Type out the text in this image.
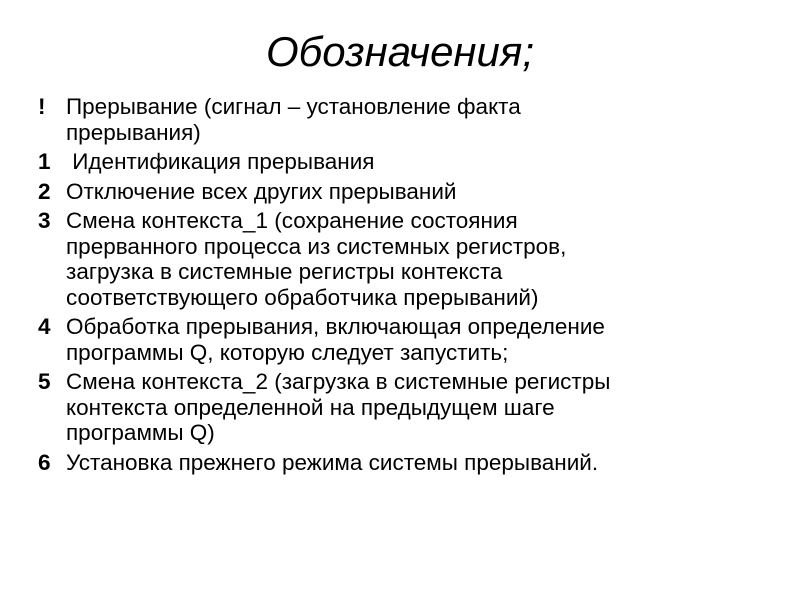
Обозначения;
! Прерывание (сигнал – установление факта
прерывания)
1 Идентификация прерывания
2 Отключение всех других прерываний
3 Смена контекста_1 (сохранение состояния
прерванного процесса из системных регистров,
загрузка в системные регистры контекста
соответствующего обработчика прерываний)
4 Обработка прерывания, включающая определение
программы Q, которую следует запустить;
5 Смена контекста_2 (загрузка в системные регистры
контекста определенной на предыдущем шаге
программы Q)
6 Установка прежнего режима системы прерываний.
